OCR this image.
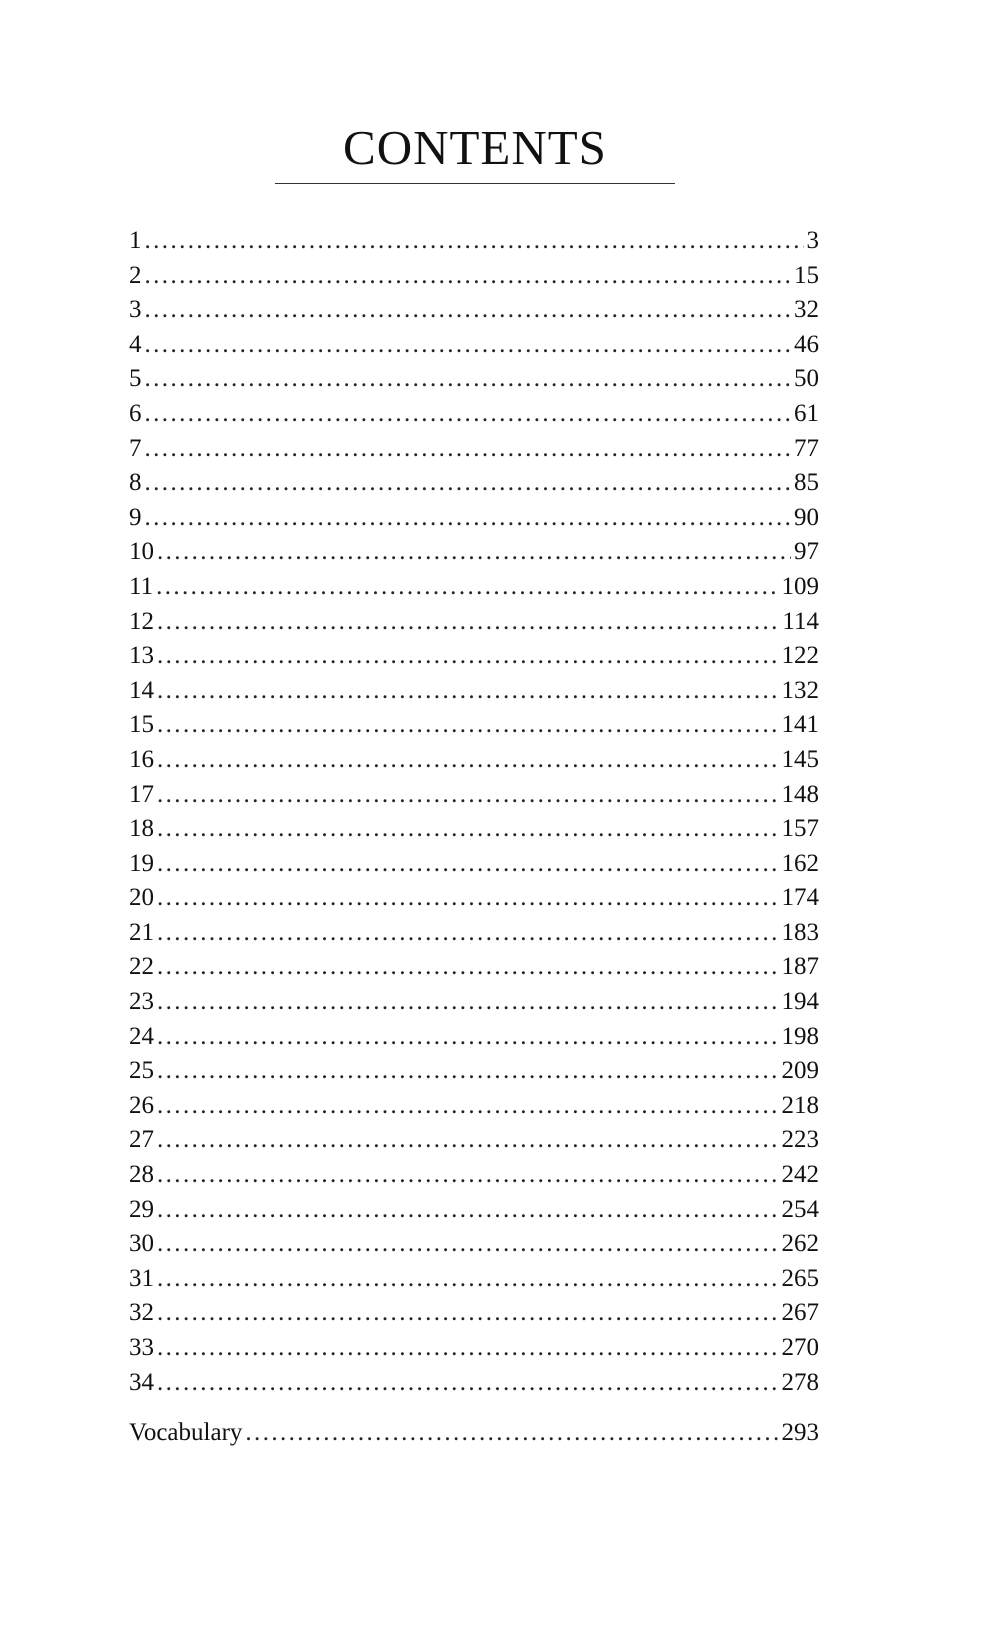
CONTENTS
1 .....	3
2 .....	15
3 .....	32
4 .....	46
5 .....	50
6 .....	61
7 .....	77
8 .....	85
9 .....	90
10 .....	97
11 .....	109
12 .....	114
13 .....	122
14 .....	132
15 .....	141
16 .....	145
17 .....	148
18 .....	157
19 .....	162
20 .....	174
21 .....	183
22 .....	187
23 .....	194
24 .....	198
25 .....	209
26 .....	218
27 .....	223
28 .....	242
29 .....	254
30 .....	262
31 .....	265
32 .....	267
33 .....	270
34 .....	278
Vocabulary .....	293
